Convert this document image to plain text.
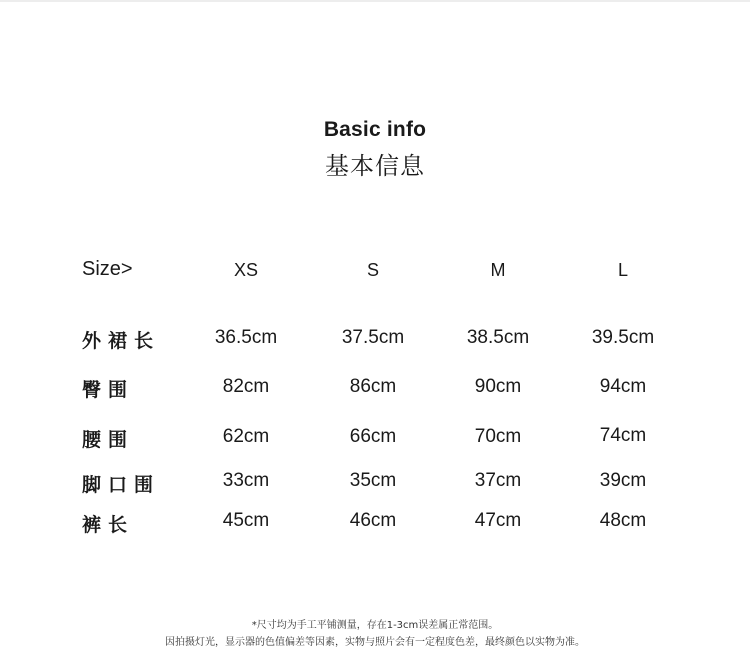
Basic info
基本信息
Size>	XS	S	M	L
外裙长	36.5cm	37.5cm	38.5cm	39.5cm
臀围	82cm	86cm	90cm	94cm
腰围	62cm	66cm	70cm	74cm
脚口围	33cm	35cm	37cm	39cm
裤长	45cm	46cm	47cm	48cm
*尺寸均为手工平铺测量，存在1-3cm误差属正常范围。
因拍摄灯光，显示器的色值偏差等因素，实物与照片会有一定程度色差，最终颜色以实物为准。
